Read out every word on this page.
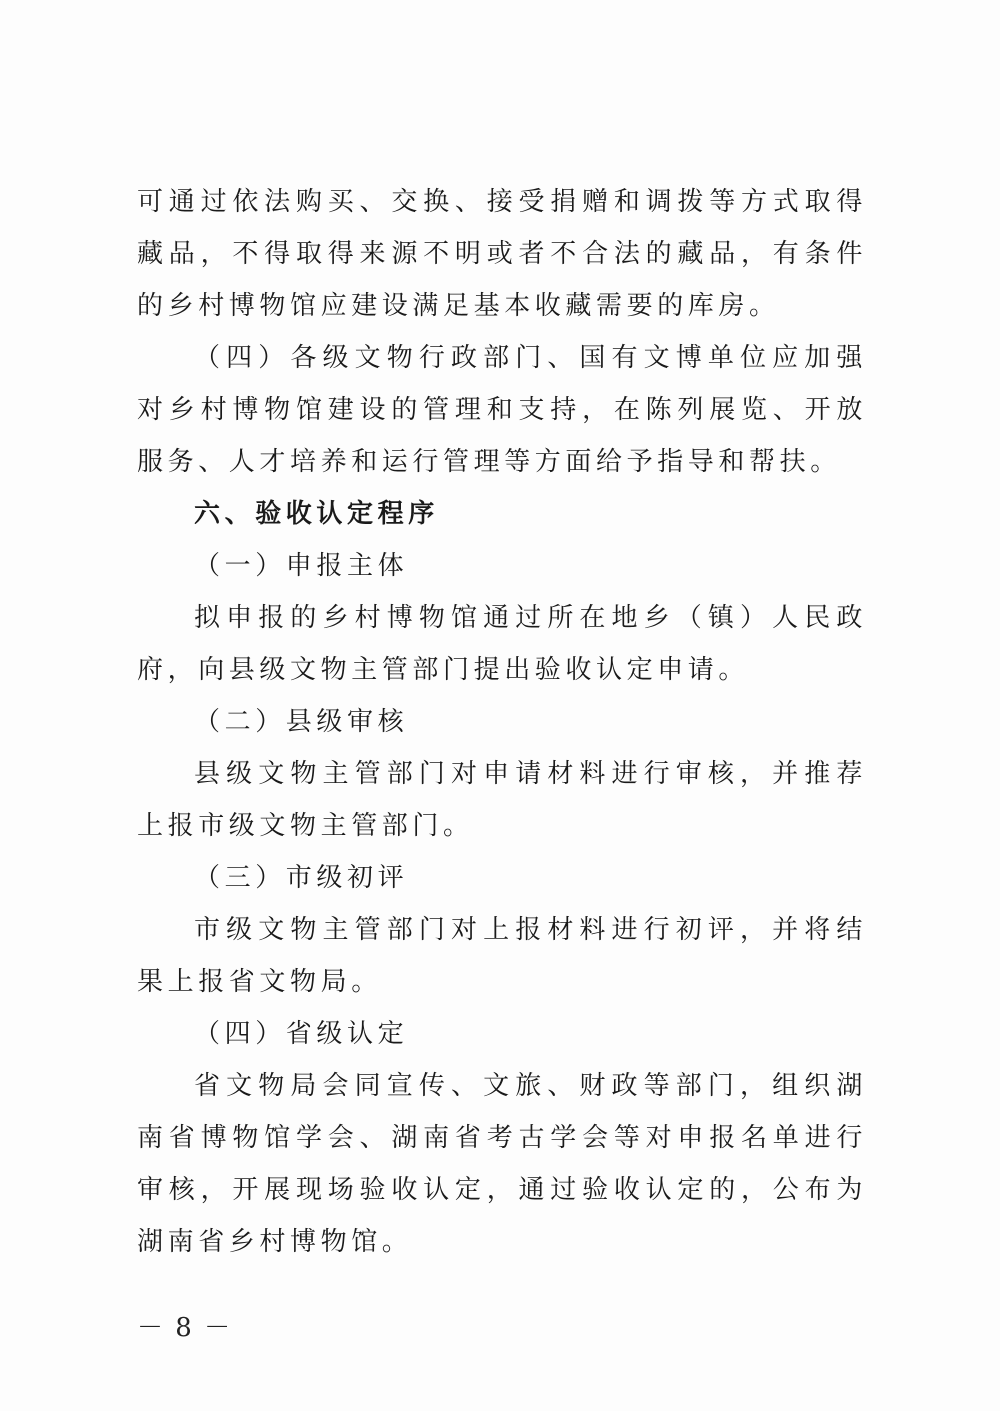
可通过依法购买、交换、接受捐赠和调拨等方式取得藏品，不得取得来源不明或者不合法的藏品，有条件的乡村博物馆应建设满足基本收藏需要的库房。

（四）各级文物行政部门、国有文博单位应加强对乡村博物馆建设的管理和支持，在陈列展览、开放服务、人才培养和运行管理等方面给予指导和帮扶。

六、验收认定程序

（一）申报主体

拟申报的乡村博物馆通过所在地乡（镇）人民政府，向县级文物主管部门提出验收认定申请。

（二）县级审核

县级文物主管部门对申请材料进行审核，并推荐上报市级文物主管部门。

（三）市级初评

市级文物主管部门对上报材料进行初评，并将结果上报省文物局。

（四）省级认定

省文物局会同宣传、文旅、财政等部门，组织湖南省博物馆学会、湖南省考古学会等对申报名单进行审核，开展现场验收认定，通过验收认定的，公布为湖南省乡村博物馆。

－ 8 －
